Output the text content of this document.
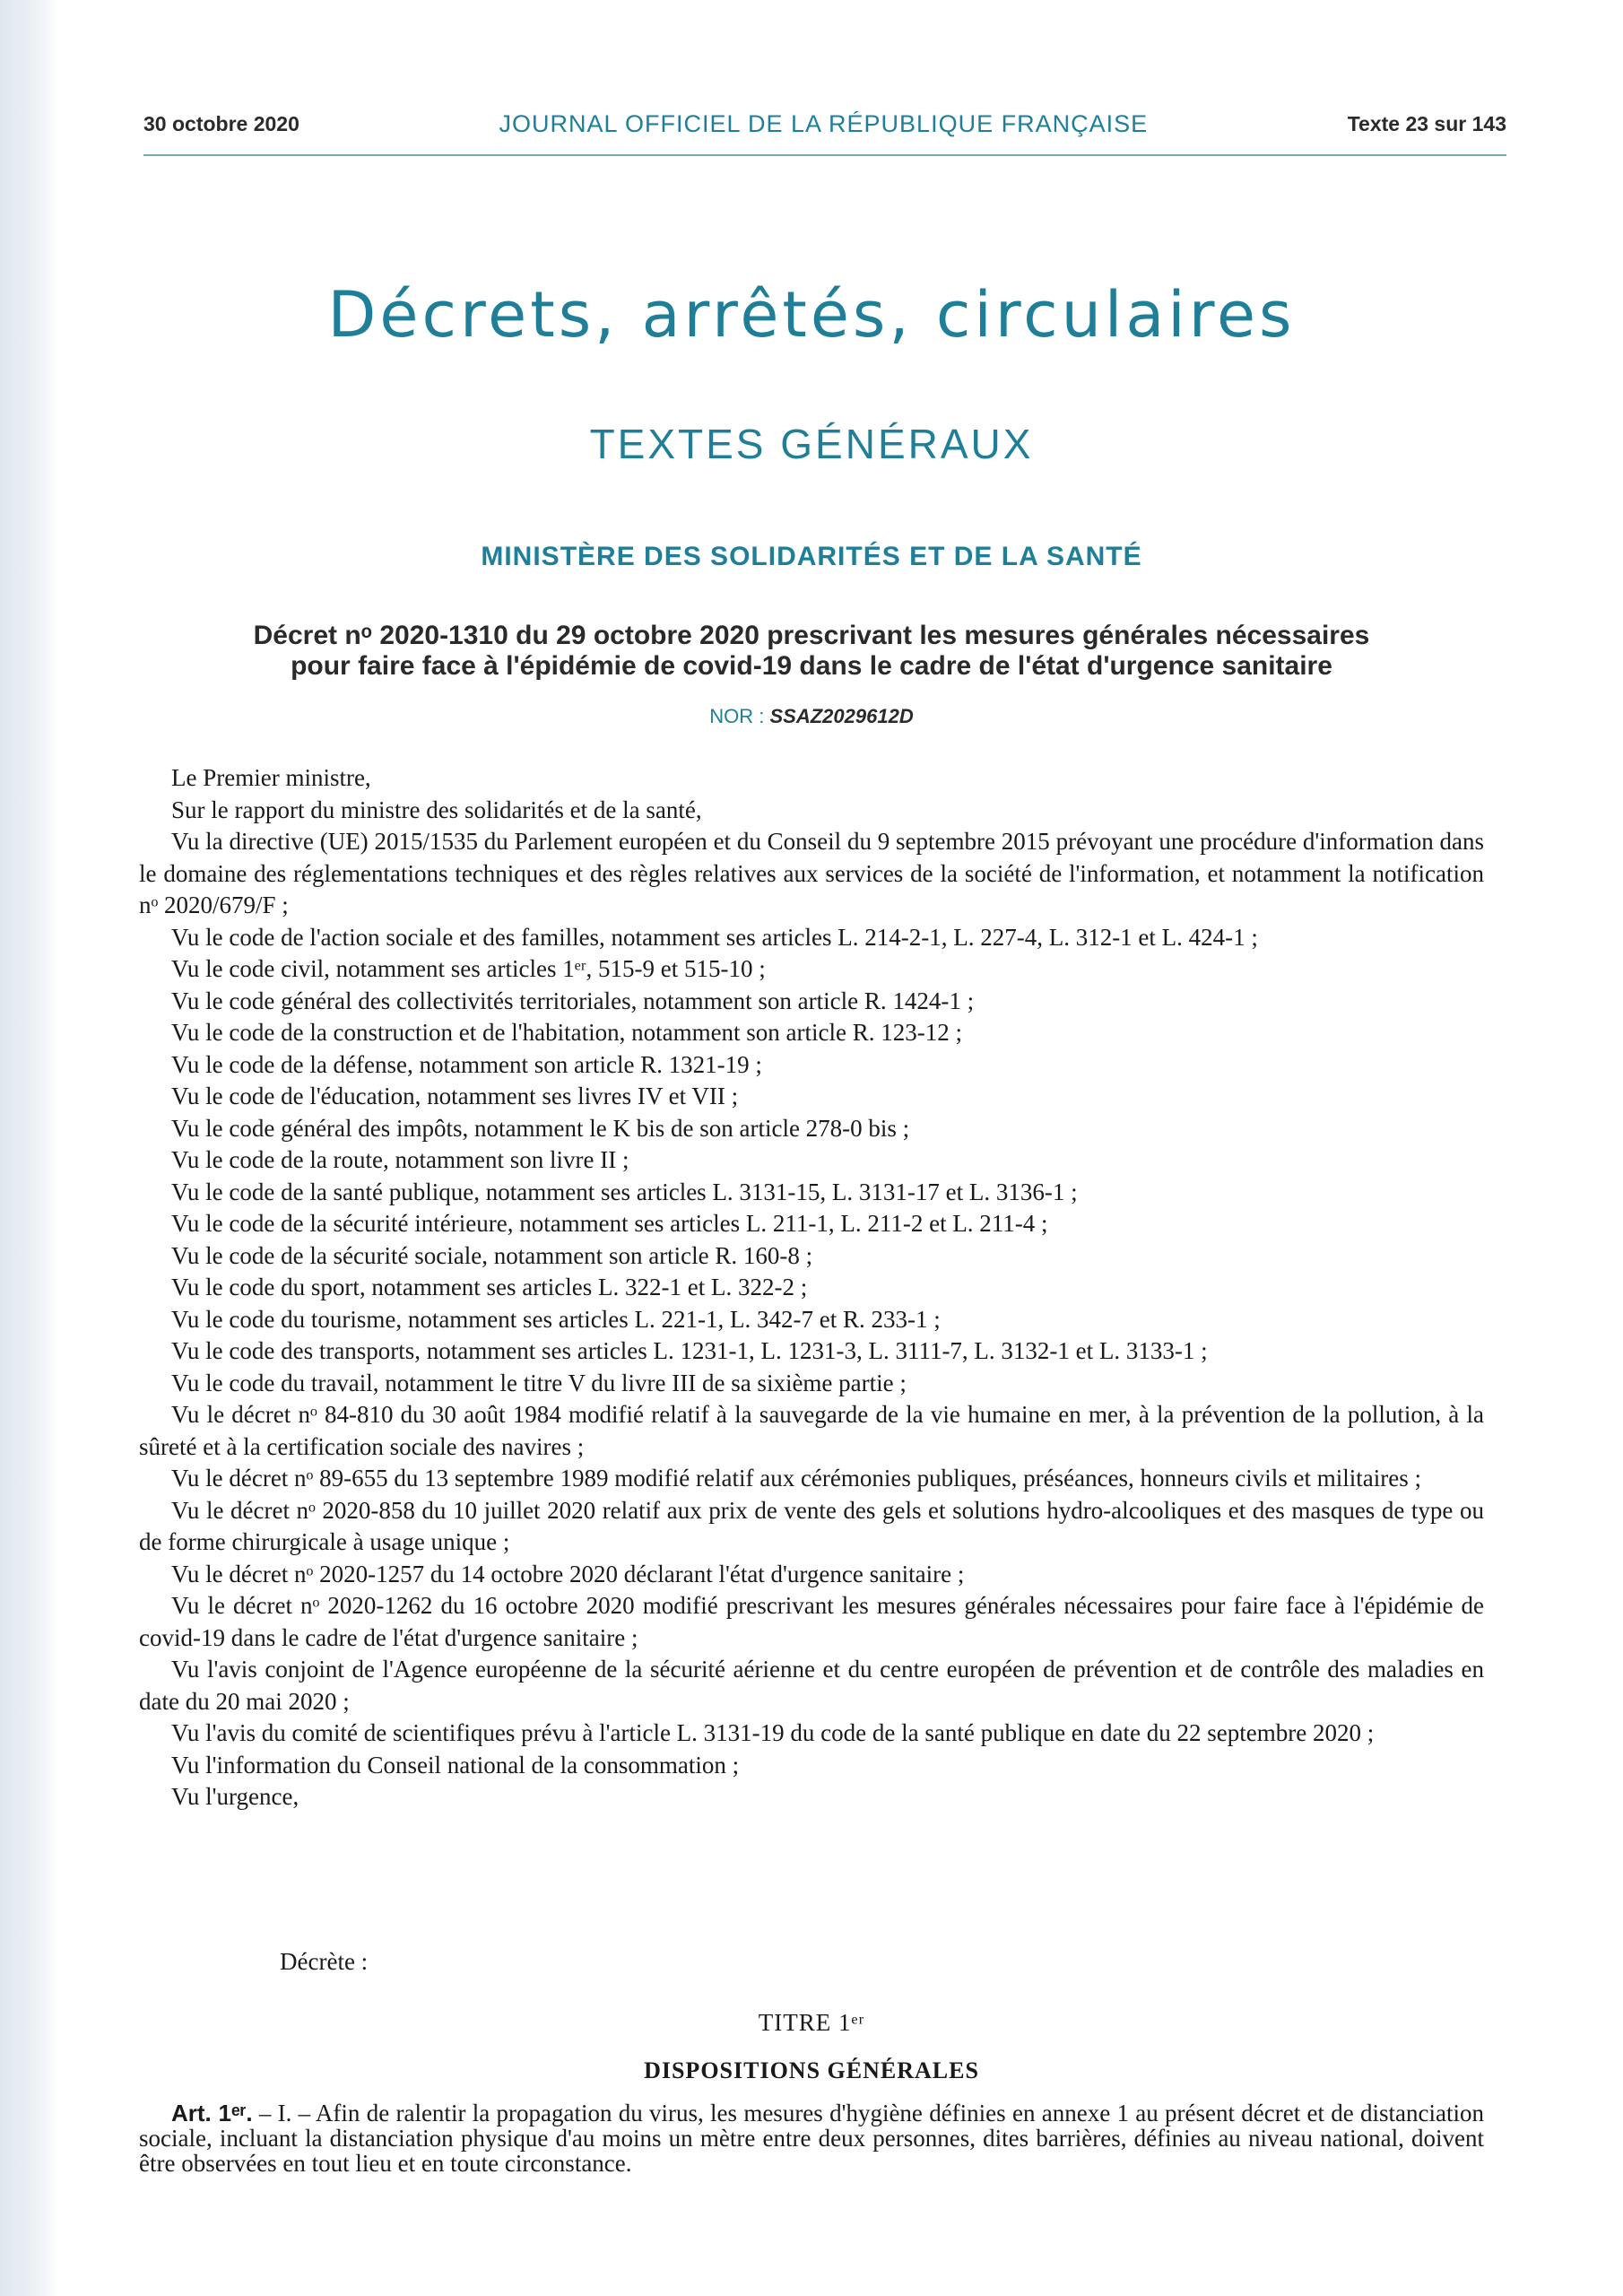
30 octobre 2020	JOURNAL OFFICIEL DE LA RÉPUBLIQUE FRANÇAISE	Texte 23 sur 143
Décrets, arrêtés, circulaires
TEXTES GÉNÉRAUX
MINISTÈRE DES SOLIDARITÉS ET DE LA SANTÉ
Décret nᵒ 2020-1310 du 29 octobre 2020 prescrivant les mesures générales nécessaires
pour faire face à l'épidémie de covid-19 dans le cadre de l'état d'urgence sanitaire
NOR : SSAZ2029612D

Le Premier ministre,

Sur le rapport du ministre des solidarités et de la santé,

Vu la directive (UE) 2015/1535 du Parlement européen et du Conseil du 9 septembre 2015 prévoyant une procédure d'information dans le domaine des réglementations techniques et des règles relatives aux services de la société de l'information, et notamment la notification nᵒ 2020/679/F ;

Vu le code de l'action sociale et des familles, notamment ses articles L. 214-2-1, L. 227-4, L. 312-1 et L. 424-1 ;

Vu le code civil, notamment ses articles 1ᵉʳ, 515-9 et 515-10 ;

Vu le code général des collectivités territoriales, notamment son article R. 1424-1 ;

Vu le code de la construction et de l'habitation, notamment son article R. 123-12 ;

Vu le code de la défense, notamment son article R. 1321-19 ;

Vu le code de l'éducation, notamment ses livres IV et VII ;

Vu le code général des impôts, notamment le K bis de son article 278-0 bis ;

Vu le code de la route, notamment son livre II ;

Vu le code de la santé publique, notamment ses articles L. 3131-15, L. 3131-17 et L. 3136-1 ;

Vu le code de la sécurité intérieure, notamment ses articles L. 211-1, L. 211-2 et L. 211-4 ;

Vu le code de la sécurité sociale, notamment son article R. 160-8 ;

Vu le code du sport, notamment ses articles L. 322-1 et L. 322-2 ;

Vu le code du tourisme, notamment ses articles L. 221-1, L. 342-7 et R. 233-1 ;

Vu le code des transports, notamment ses articles L. 1231-1, L. 1231-3, L. 3111-7, L. 3132-1 et L. 3133-1 ;

Vu le code du travail, notamment le titre V du livre III de sa sixième partie ;

Vu le décret nᵒ 84-810 du 30 août 1984 modifié relatif à la sauvegarde de la vie humaine en mer, à la prévention de la pollution, à la sûreté et à la certification sociale des navires ;

Vu le décret nᵒ 89-655 du 13 septembre 1989 modifié relatif aux cérémonies publiques, préséances, honneurs civils et militaires ;

Vu le décret nᵒ 2020-858 du 10 juillet 2020 relatif aux prix de vente des gels et solutions hydro-alcooliques et des masques de type ou de forme chirurgicale à usage unique ;

Vu le décret nᵒ 2020-1257 du 14 octobre 2020 déclarant l'état d'urgence sanitaire ;

Vu le décret nᵒ 2020-1262 du 16 octobre 2020 modifié prescrivant les mesures générales nécessaires pour faire face à l'épidémie de covid-19 dans le cadre de l'état d'urgence sanitaire ;

Vu l'avis conjoint de l'Agence européenne de la sécurité aérienne et du centre européen de prévention et de contrôle des maladies en date du 20 mai 2020 ;

Vu l'avis du comité de scientifiques prévu à l'article L. 3131-19 du code de la santé publique en date du 22 septembre 2020 ;

Vu l'information du Conseil national de la consommation ;

Vu l'urgence,

Décrète :
TITRE 1ᵉʳ
DISPOSITIONS GÉNÉRALES
Art. 1ᵉʳ. – I. – Afin de ralentir la propagation du virus, les mesures d'hygiène définies en annexe 1 au présent décret et de distanciation sociale, incluant la distanciation physique d'au moins un mètre entre deux personnes, dites barrières, définies au niveau national, doivent être observées en tout lieu et en toute circonstance.
